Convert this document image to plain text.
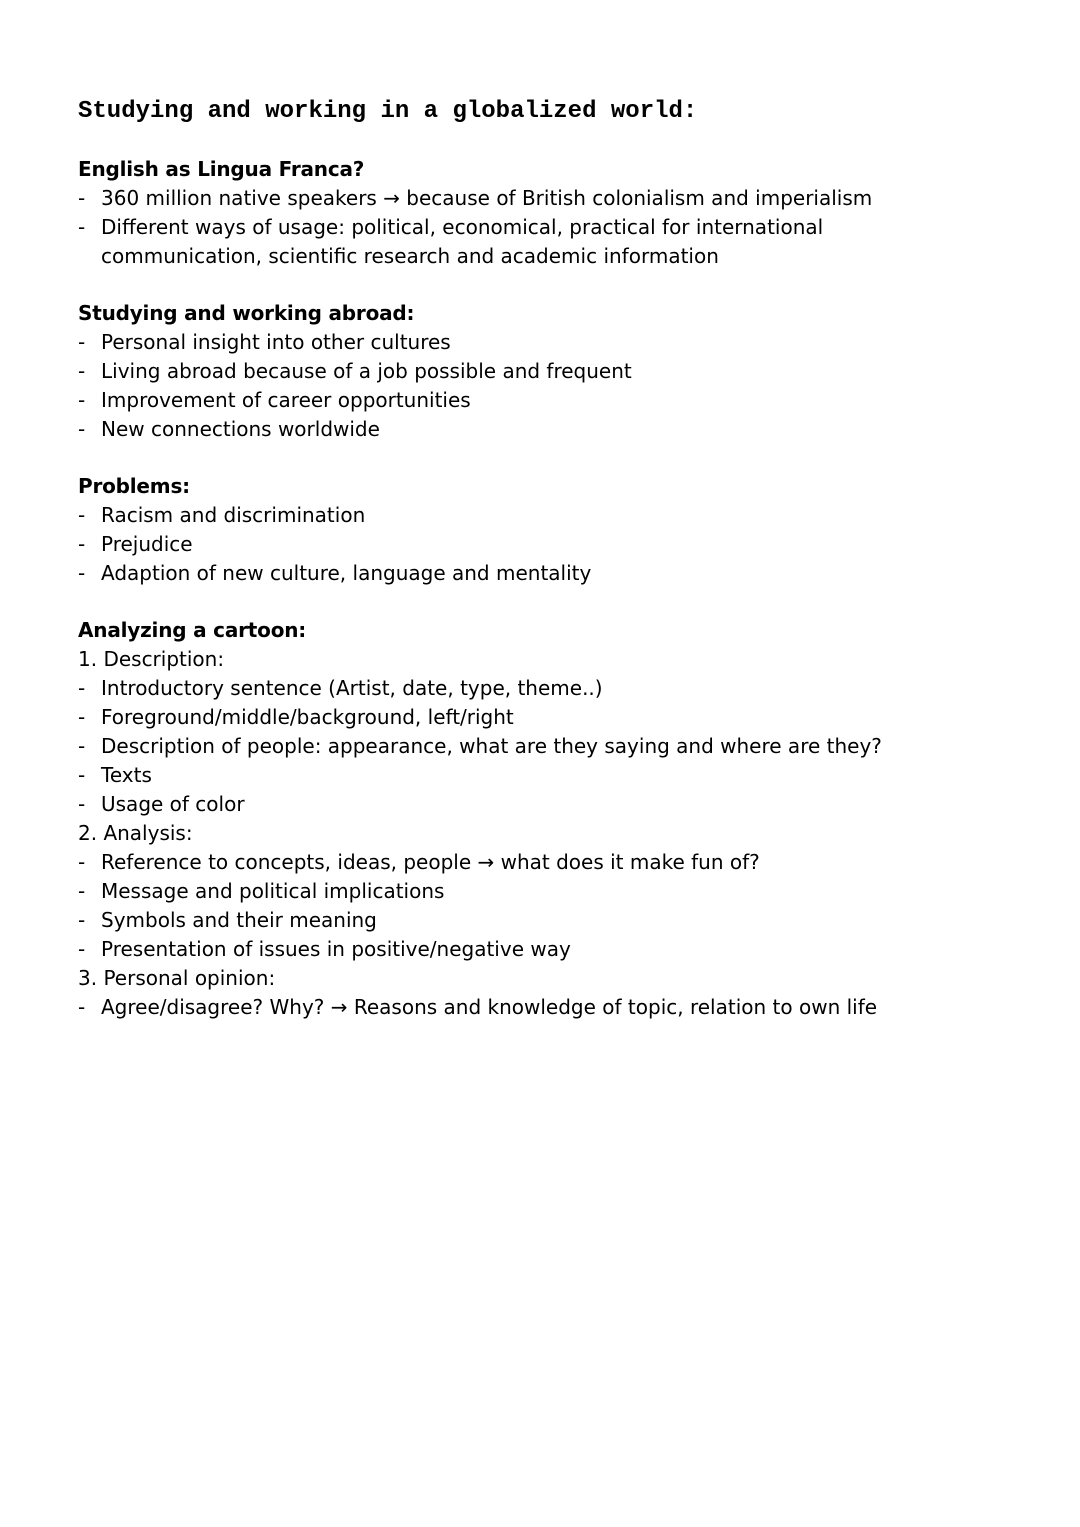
Studying and working in a globalized world:
English as Lingua Franca?
- 360 million native speakers → because of British colonialism and imperialism
- Different ways of usage: political, economical, practical for international communication, scientific research and academic information
Studying and working abroad:
- Personal insight into other cultures
- Living abroad because of a job possible and frequent
- Improvement of career opportunities
- New connections worldwide
Problems:
- Racism and discrimination
- Prejudice
- Adaption of new culture, language and mentality
Analyzing a cartoon:

1. Description:

- Introductory sentence (Artist, date, type, theme..)
- Foreground/middle/background, left/right
- Description of people: appearance, what are they saying and where are they?
- Texts
- Usage of color

2. Analysis:

- Reference to concepts, ideas, people → what does it make fun of?
- Message and political implications
- Symbols and their meaning
- Presentation of issues in positive/negative way

3. Personal opinion:

- Agree/disagree? Why? → Reasons and knowledge of topic, relation to own life
